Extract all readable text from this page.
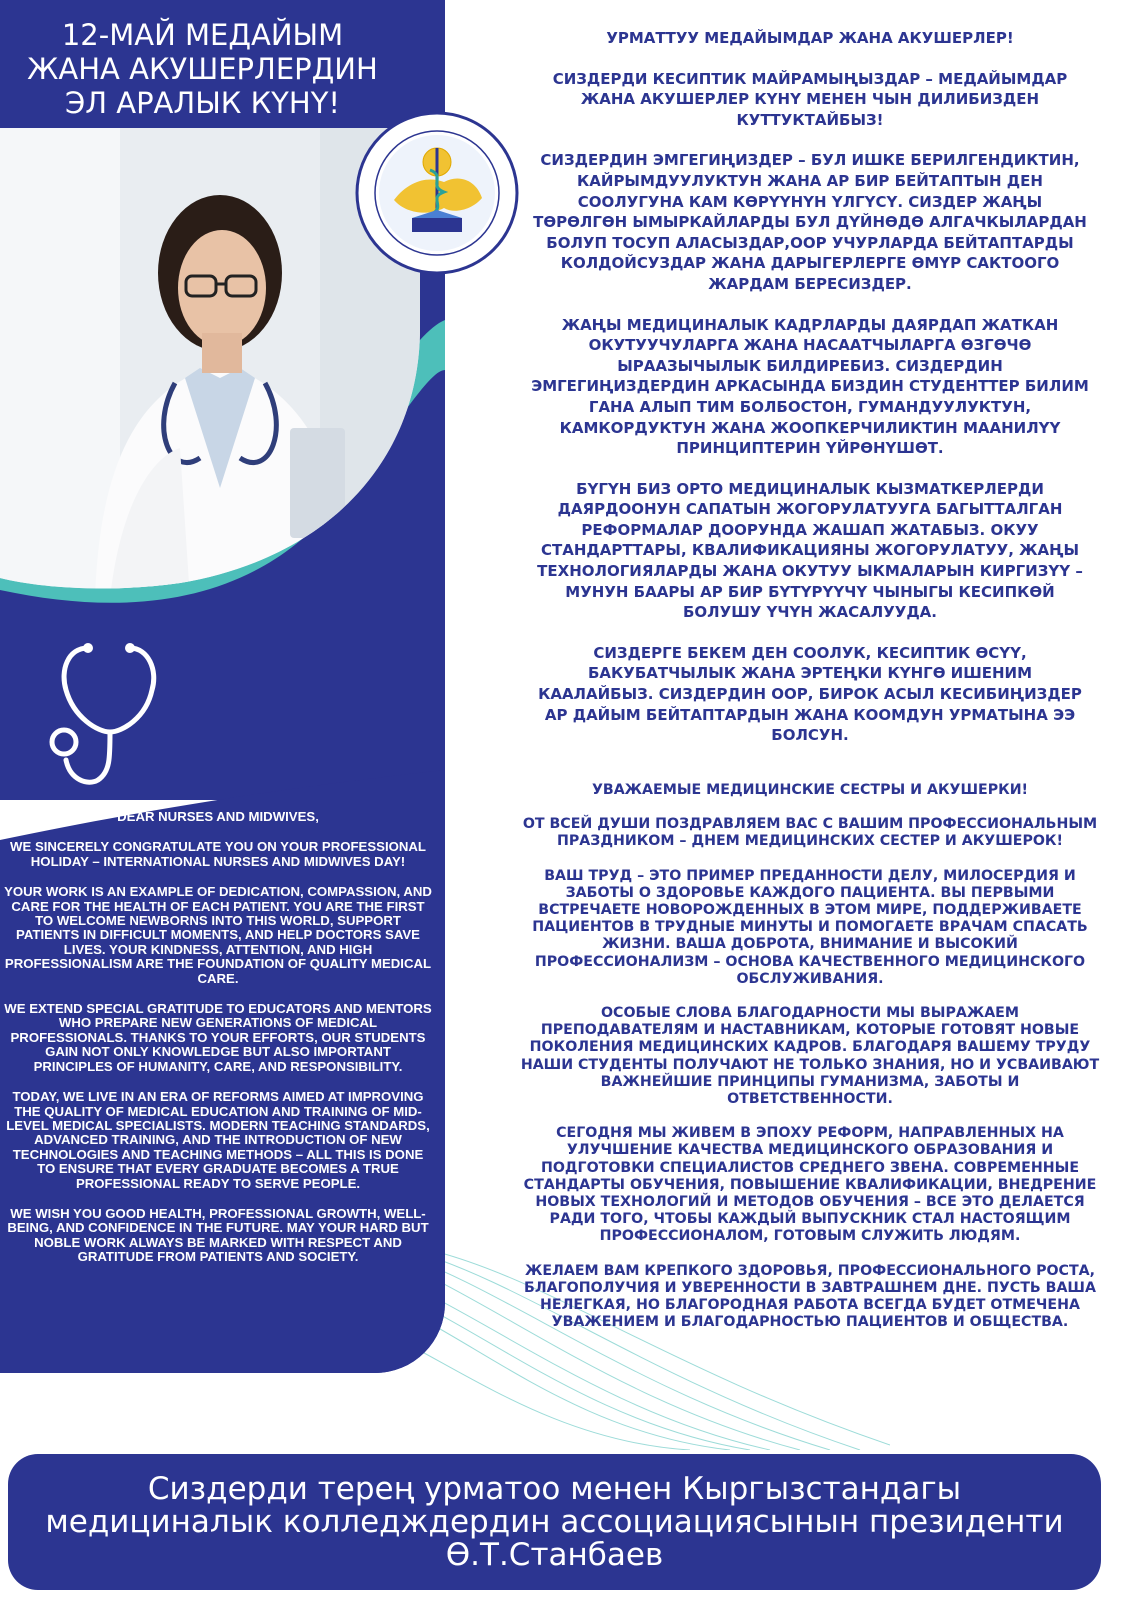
12-МАЙ МЕДАЙЫМ
ЖАНА АКУШЕРЛЕРДИН
ЭЛ АРАЛЫК КҮНҮ!

DEAR NURSES AND MIDWIVES,

WE SINCERELY CONGRATULATE YOU ON YOUR PROFESSIONAL HOLIDAY – INTERNATIONAL NURSES AND MIDWIVES DAY!

YOUR WORK IS AN EXAMPLE OF DEDICATION, COMPASSION, AND CARE FOR THE HEALTH OF EACH PATIENT. YOU ARE THE FIRST TO WELCOME NEWBORNS INTO THIS WORLD, SUPPORT PATIENTS IN DIFFICULT MOMENTS, AND HELP DOCTORS SAVE LIVES. YOUR KINDNESS, ATTENTION, AND HIGH PROFESSIONALISM ARE THE FOUNDATION OF QUALITY MEDICAL CARE.

WE EXTEND SPECIAL GRATITUDE TO EDUCATORS AND MENTORS WHO PREPARE NEW GENERATIONS OF MEDICAL PROFESSIONALS. THANKS TO YOUR EFFORTS, OUR STUDENTS GAIN NOT ONLY KNOWLEDGE BUT ALSO IMPORTANT PRINCIPLES OF HUMANITY, CARE, AND RESPONSIBILITY.

TODAY, WE LIVE IN AN ERA OF REFORMS AIMED AT IMPROVING THE QUALITY OF MEDICAL EDUCATION AND TRAINING OF MID-LEVEL MEDICAL SPECIALISTS. MODERN TEACHING STANDARDS, ADVANCED TRAINING, AND THE INTRODUCTION OF NEW TECHNOLOGIES AND TEACHING METHODS – ALL THIS IS DONE TO ENSURE THAT EVERY GRADUATE BECOMES A TRUE PROFESSIONAL READY TO SERVE PEOPLE.

WE WISH YOU GOOD HEALTH, PROFESSIONAL GROWTH, WELL-BEING, AND CONFIDENCE IN THE FUTURE. MAY YOUR HARD BUT NOBLE WORK ALWAYS BE MARKED WITH RESPECT AND GRATITUDE FROM PATIENTS AND SOCIETY.

УРМАТТУУ МЕДАЙЫМДАР ЖАНА АКУШЕРЛЕР!

СИЗДЕРДИ КЕСИПТИК МАЙРАМЫҢЫЗДАР – МЕДАЙЫМДАР ЖАНА АКУШЕРЛЕР КҮНҮ МЕНЕН ЧЫН ДИЛИБИЗДЕН КУТТУКТАЙБЫЗ!

СИЗДЕРДИН ЭМГЕГИҢИЗДЕР – БУЛ ИШКЕ БЕРИЛГЕНДИКТИН, КАЙРЫМДУУЛУКТУН ЖАНА АР БИР БЕЙТАПТЫН ДЕН СООЛУГУНА КАМ КӨРҮҮНҮН ҮЛГҮСҮ. СИЗДЕР ЖАҢЫ ТӨРӨЛГӨН ЫМЫРКАЙЛАРДЫ БУЛ ДҮЙНӨДӨ АЛГАЧКЫЛАРДАН БОЛУП ТОСУП АЛАСЫЗДАР,ООР УЧУРЛАРДА БЕЙТАПТАРДЫ КОЛДОЙСУЗДАР ЖАНА ДАРЫГЕРЛЕРГЕ ӨМҮР САКТООГО ЖАРДАМ БЕРЕСИЗДЕР.

ЖАҢЫ МЕДИЦИНАЛЫК КАДРЛАРДЫ ДАЯРДАП ЖАТКАН ОКУТУУЧУЛАРГА ЖАНА НАСААТЧЫЛАРГА ӨЗГӨЧӨ ЫРААЗЫЧЫЛЫК БИЛДИРЕБИЗ. СИЗДЕРДИН ЭМГЕГИҢИЗДЕРДИН АРКАСЫНДА БИЗДИН СТУДЕНТТЕР БИЛИМ ГАНА АЛЫП ТИМ БОЛБОСТОН, ГУМАНДУУЛУКТУН, КАМКОРДУКТУН ЖАНА ЖООПКЕРЧИЛИКТИН МААНИЛҮҮ ПРИНЦИПТЕРИН ҮЙРӨНҮШӨТ.

БҮГҮН БИЗ ОРТО МЕДИЦИНАЛЫК КЫЗМАТКЕРЛЕРДИ ДАЯРДООНУН САПАТЫН ЖОГОРУЛАТУУГА БАГЫТТАЛГАН РЕФОРМАЛАР ДООРУНДА ЖАШАП ЖАТАБЫЗ. ОКУУ СТАНДАРТТАРЫ, КВАЛИФИКАЦИЯНЫ ЖОГОРУЛАТУУ, ЖАҢЫ ТЕХНОЛОГИЯЛАРДЫ ЖАНА ОКУТУУ ЫКМАЛАРЫН КИРГИЗҮҮ – МУНУН БААРЫ АР БИР БҮТҮРҮҮЧҮ ЧЫНЫГЫ КЕСИПКӨЙ БОЛУШУ ҮЧҮН ЖАСАЛУУДА.

СИЗДЕРГЕ БЕКЕМ ДЕН СООЛУК, КЕСИПТИК ӨСҮҮ, БАКУБАТЧЫЛЫК ЖАНА ЭРТЕҢКИ КҮНГӨ ИШЕНИМ КААЛАЙБЫЗ. СИЗДЕРДИН ООР, БИРОК АСЫЛ КЕСИБИҢИЗДЕР АР ДАЙЫМ БЕЙТАПТАРДЫН ЖАНА КООМДУН УРМАТЫНА ЭЭ БОЛСУН.

УВАЖАЕМЫЕ МЕДИЦИНСКИЕ СЕСТРЫ И АКУШЕРКИ!

ОТ ВСЕЙ ДУШИ ПОЗДРАВЛЯЕМ ВАС С ВАШИМ ПРОФЕССИОНАЛЬНЫМ ПРАЗДНИКОМ – ДНЕМ МЕДИЦИНСКИХ СЕСТЕР И АКУШЕРОК!

ВАШ ТРУД – ЭТО ПРИМЕР ПРЕДАННОСТИ ДЕЛУ, МИЛОСЕРДИЯ И ЗАБОТЫ О ЗДОРОВЬЕ КАЖДОГО ПАЦИЕНТА. ВЫ ПЕРВЫМИ ВСТРЕЧАЕТЕ НОВОРОЖДЕННЫХ В ЭТОМ МИРЕ, ПОДДЕРЖИВАЕТЕ ПАЦИЕНТОВ В ТРУДНЫЕ МИНУТЫ И ПОМОГАЕТЕ ВРАЧАМ СПАСАТЬ ЖИЗНИ. ВАША ДОБРОТА, ВНИМАНИЕ И ВЫСОКИЙ ПРОФЕССИОНАЛИЗМ – ОСНОВА КАЧЕСТВЕННОГО МЕДИЦИНСКОГО ОБСЛУЖИВАНИЯ.

ОСОБЫЕ СЛОВА БЛАГОДАРНОСТИ МЫ ВЫРАЖАЕМ ПРЕПОДАВАТЕЛЯМ И НАСТАВНИКАМ, КОТОРЫЕ ГОТОВЯТ НОВЫЕ ПОКОЛЕНИЯ МЕДИЦИНСКИХ КАДРОВ. БЛАГОДАРЯ ВАШЕМУ ТРУДУ НАШИ СТУДЕНТЫ ПОЛУЧАЮТ НЕ ТОЛЬКО ЗНАНИЯ, НО И УСВАИВАЮТ ВАЖНЕЙШИЕ ПРИНЦИПЫ ГУМАНИЗМА, ЗАБОТЫ И ОТВЕТСТВЕННОСТИ.

СЕГОДНЯ МЫ ЖИВЕМ В ЭПОХУ РЕФОРМ, НАПРАВЛЕННЫХ НА УЛУЧШЕНИЕ КАЧЕСТВА МЕДИЦИНСКОГО ОБРАЗОВАНИЯ И ПОДГОТОВКИ СПЕЦИАЛИСТОВ СРЕДНЕГО ЗВЕНА. СОВРЕМЕННЫЕ СТАНДАРТЫ ОБУЧЕНИЯ, ПОВЫШЕНИЕ КВАЛИФИКАЦИИ, ВНЕДРЕНИЕ НОВЫХ ТЕХНОЛОГИЙ И МЕТОДОВ ОБУЧЕНИЯ – ВСЕ ЭТО ДЕЛАЕТСЯ РАДИ ТОГО, ЧТОБЫ КАЖДЫЙ ВЫПУСКНИК СТАЛ НАСТОЯЩИМ ПРОФЕССИОНАЛОМ, ГОТОВЫМ СЛУЖИТЬ ЛЮДЯМ.

ЖЕЛАЕМ ВАМ КРЕПКОГО ЗДОРОВЬЯ, ПРОФЕССИОНАЛЬНОГО РОСТА, БЛАГОПОЛУЧИЯ И УВЕРЕННОСТИ В ЗАВТРАШНЕМ ДНЕ. ПУСТЬ ВАША НЕЛЕГКАЯ, НО БЛАГОРОДНАЯ РАБОТА ВСЕГДА БУДЕТ ОТМЕЧЕНА УВАЖЕНИЕМ И БЛАГОДАРНОСТЬЮ ПАЦИЕНТОВ И ОБЩЕСТВА.

Сиздерди терең урматоо менен Кыргызстандагы
медициналык колледждердин ассоциациясынын президенти
Ө.Т.Станбаев
